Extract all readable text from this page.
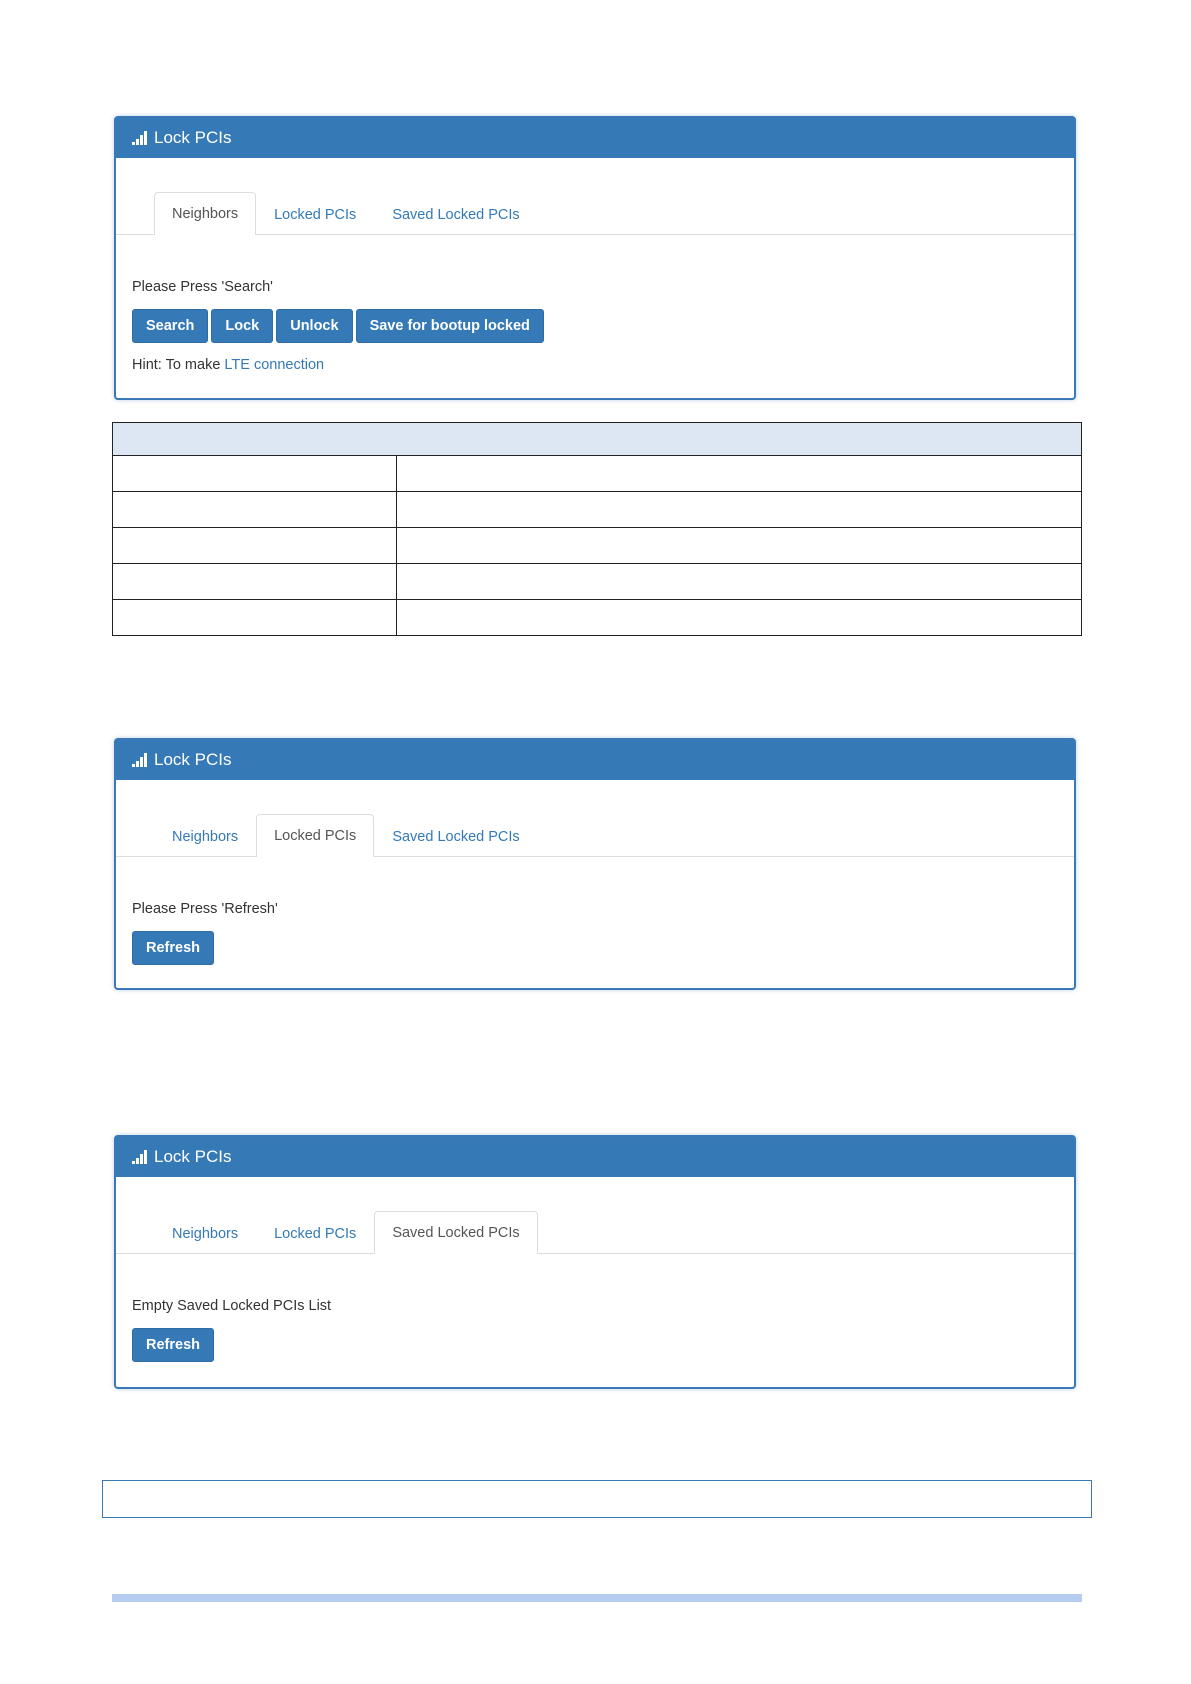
Lock PCIs
Neighbors	Locked PCIs	Saved Locked PCIs
Please Press 'Search'
Search	Lock	Unlock	Save for bootup locked
Hint: To make LTE connection

Lock PCIs
Neighbors	Locked PCIs	Saved Locked PCIs
Please Press 'Refresh'
Refresh
Lock PCIs
Neighbors	Locked PCIs	Saved Locked PCIs
Empty Saved Locked PCIs List
Refresh
